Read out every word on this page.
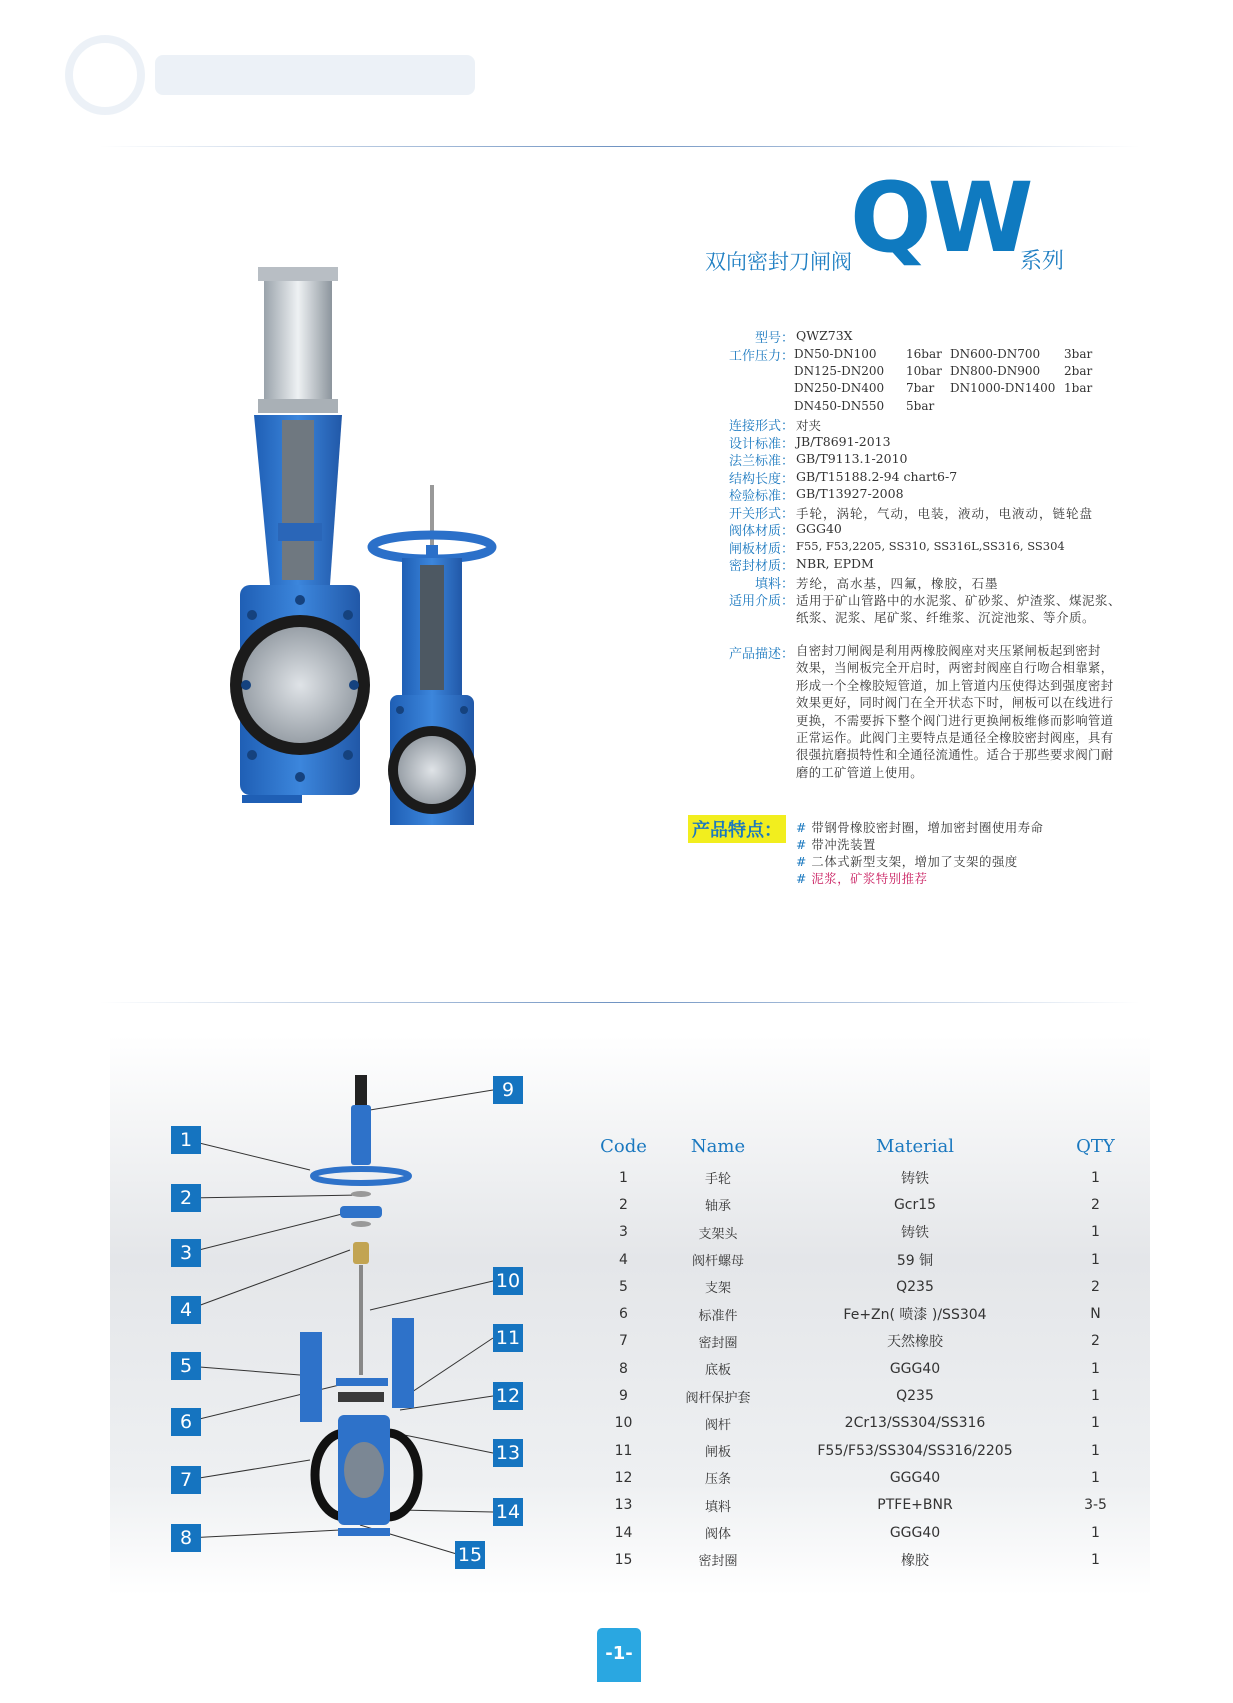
双向密封刀闸阀
QW
系列
型号： QWZ73X
工作压力： DN50-DN100	16bar	DN600-DN700	3bar
DN125-DN200	10bar	DN800-DN900	2bar
DN250-DN400	7bar	DN1000-DN1400	1bar
DN450-DN550	5bar		
连接形式： 对夹
设计标准： JB/T8691-2013
法兰标准： GB/T9113.1-2010
结构长度： GB/T15188.2-94 chart6-7
检验标准： GB/T13927-2008
开关形式： 手轮，涡轮，气动，电装，液动，电液动，链轮盘
阀体材质： GGG40
闸板材质： F55, F53,2205, SS310, SS316L,SS316, SS304
密封材质： NBR, EPDM
填料： 芳纶，高水基，四氟，橡胶，石墨
适用介质： 适用于矿山管路中的水泥浆、矿砂浆、炉渣浆、煤泥浆、
纸浆、泥浆、尾矿浆、纤维浆、沉淀池浆、等介质。
产品描述： 自密封刀闸阀是利用两橡胶阀座对夹压紧闸板起到密封
效果，当闸板完全开启时，两密封阀座自行吻合相靠紧，
形成一个全橡胶短管道，加上管道内压使得达到强度密封
效果更好，同时阀门在全开状态下时，闸板可以在线进行
更换，不需要拆下整个阀门进行更换闸板维修而影响管道
正常运作。此阀门主要特点是通径全橡胶密封阀座，具有
很强抗磨损特性和全通径流通性。适合于那些要求阀门耐
磨的工矿管道上使用。
产品特点：	# 带钢骨橡胶密封圈，增加密封圈使用寿命
# 带冲洗装置
# 二体式新型支架，增加了支架的强度
# 泥浆，矿浆特别推荐
1
2
3
4
5
6
7
8
9
10
11
12
13
14
15
Code	Name	Material	QTY
1	手轮	铸铁	1
2	轴承	Gcr15	2
3	支架头	铸铁	1
4	阀杆螺母	59 铜	1
5	支架	Q235	2
6	标准件	Fe+Zn( 喷漆 )/SS304	N
7	密封圈	天然橡胶	2
8	底板	GGG40	1
9	阀杆保护套	Q235	1
10	阀杆	2Cr13/SS304/SS316	1
11	闸板	F55/F53/SS304/SS316/2205	1
12	压条	GGG40	1
13	填料	PTFE+BNR	3-5
14	阀体	GGG40	1
15	密封圈	橡胶	1
-1-
